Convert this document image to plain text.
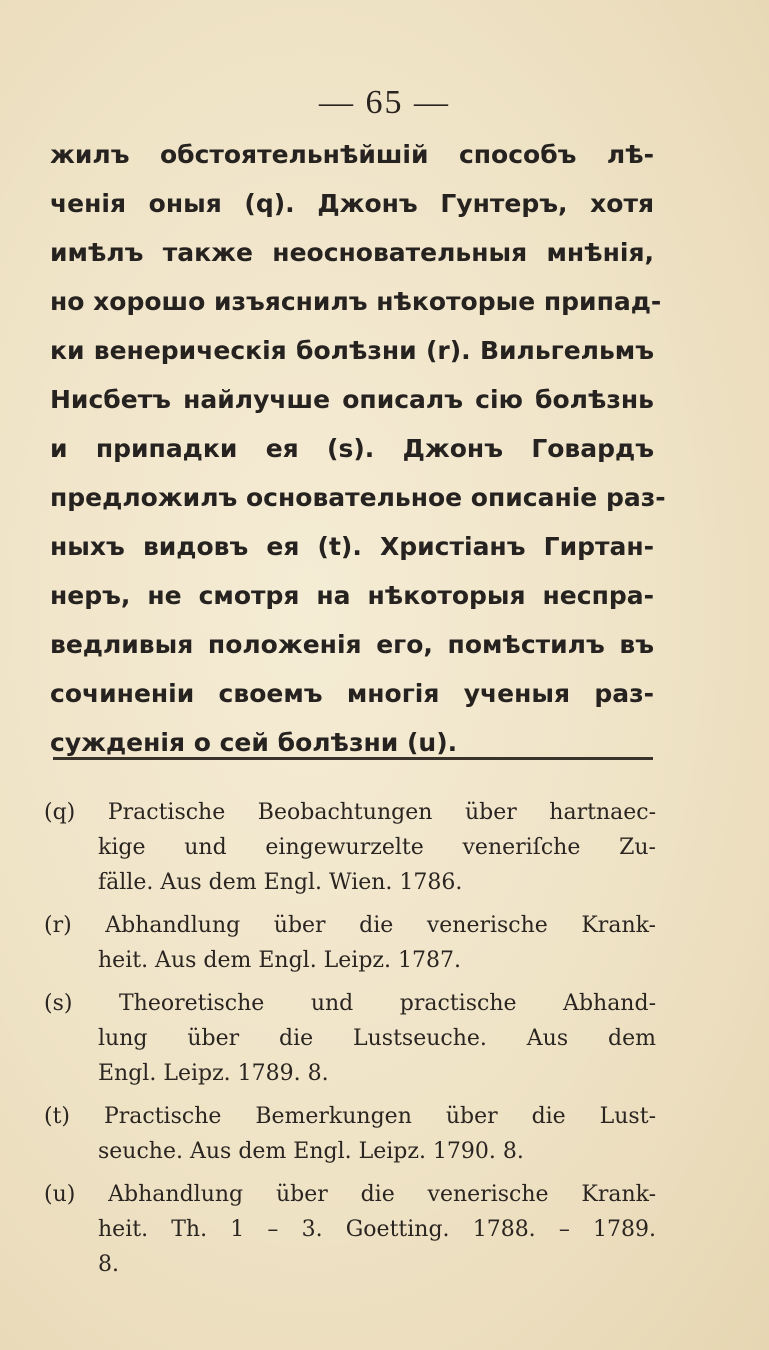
— 65 —
жилъ обстоятельнѣйшій способъ лѣ-
ченія оныя (q). Джонъ Гунтеръ, хотя
имѣлъ также неосновательныя мнѣнія,
но хорошо изъяснилъ нѣкоторые припад-
ки венерическія болѣзни (r). Вильгельмъ
Нисбетъ найлучше описалъ сію болѣзнь
и припадки ея (s). Джонъ Говардъ
предложилъ основательное описаніе раз-
ныхъ видовъ ея (t). Христіанъ Гиртан-
неръ, не смотря на нѣкоторыя неспра-
ведливыя положенія его, помѣстилъ въ
сочиненіи своемъ многія ученыя раз-
сужденія о сей болѣзни (u).
(q) Practische Beobachtungen über hartnaec-
kige und eingewurzelte veneriſche Zu-
fälle. Aus dem Engl. Wien. 1786.
(r) Abhandlung über die venerische Krank-
heit. Aus dem Engl. Leipz. 1787.
(s) Theoretische und practische Abhand-
lung über die Lustseuche. Aus dem
Engl. Leipz. 1789. 8.
(t) Practische Bemerkungen über die Lust-
seuche. Aus dem Engl. Leipz. 1790. 8.
(u) Abhandlung über die venerische Krank-
heit. Th. 1 – 3. Goetting. 1788. – 1789.
8.
